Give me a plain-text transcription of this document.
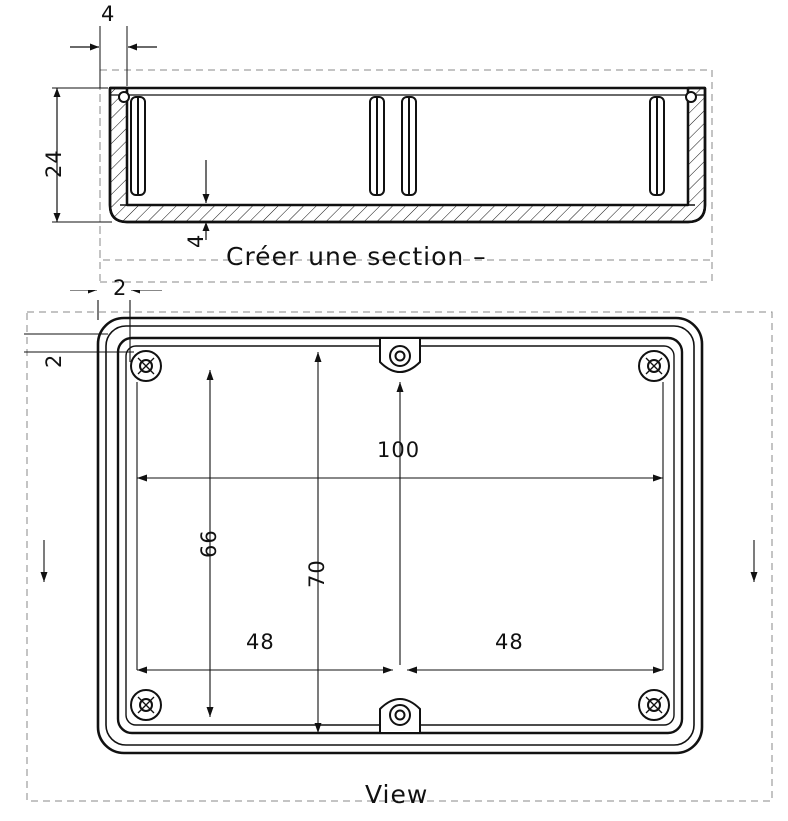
4
24
4
Créer une section –
2
2
100
66
70
48	48
View
